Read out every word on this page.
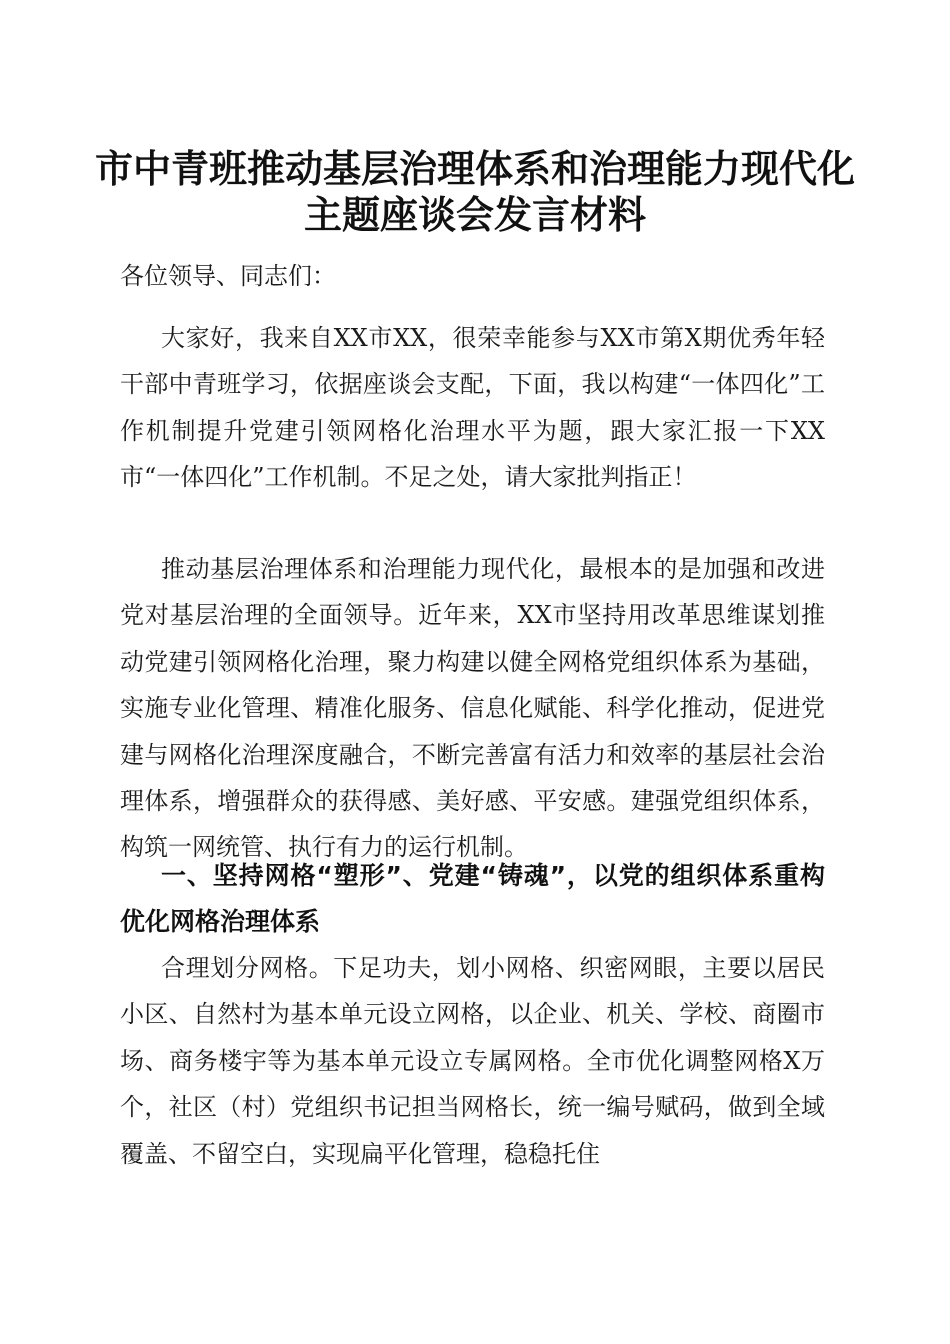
市中青班推动基层治理体系和治理能力现代化
主题座谈会发言材料

各位领导、同志们：

大家好，我来自XX市XX，很荣幸能参与XX市第X期优秀年轻干部中青班学习，依据座谈会支配，下面，我以构建“一体四化”工作机制提升党建引领网格化治理水平为题，跟大家汇报一下XX市“一体四化”工作机制。不足之处，请大家批判指正！

推动基层治理体系和治理能力现代化，最根本的是加强和改进党对基层治理的全面领导。近年来，XX市坚持用改革思维谋划推动党建引领网格化治理，聚力构建以健全网格党组织体系为基础，实施专业化管理、精准化服务、信息化赋能、科学化推动，促进党建与网格化治理深度融合，不断完善富有活力和效率的基层社会治理体系，增强群众的获得感、美好感、平安感。建强党组织体系，构筑一网统管、执行有力的运行机制。

一、坚持网格“塑形”、党建“铸魂”，以党的组织体系重构优化网格治理体系

合理划分网格。下足功夫，划小网格、织密网眼，主要以居民小区、自然村为基本单元设立网格，以企业、机关、学校、商圈市场、商务楼宇等为基本单元设立专属网格。全市优化调整网格X万个，社区（村）党组织书记担当网格长，统一编号赋码，做到全域覆盖、不留空白，实现扁平化管理，稳稳托住
